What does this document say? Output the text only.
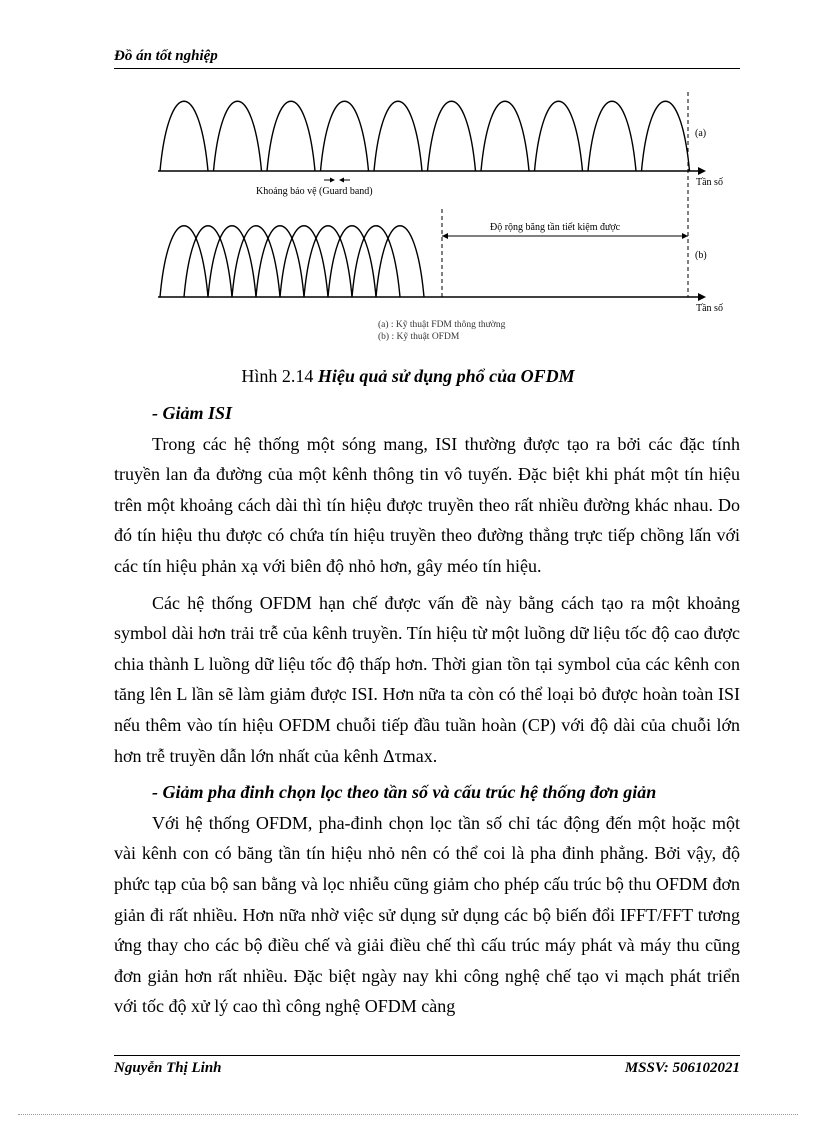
Đồ án tốt nghiệp
(a)
(b)
Tần số
Tần số
Khoảng bảo vệ (Guard band)
Độ rộng băng tần tiết kiệm được
(a) : Kỹ thuật FDM thông thường
(b) : Kỹ thuật OFDM
Hình 2.14 Hiệu quả sử dụng phổ của OFDM
- Giảm ISI

Trong các hệ thống một sóng mang, ISI thường được tạo ra bởi các đặc tính truyền lan đa đường của một kênh thông tin vô tuyến. Đặc biệt khi phát một tín hiệu trên một khoảng cách dài thì tín hiệu được truyền theo rất nhiều đường khác nhau. Do đó tín hiệu thu được có chứa tín hiệu truyền theo đường thẳng trực tiếp chồng lấn với các tín hiệu phản xạ với biên độ nhỏ hơn, gây méo tín hiệu.

Các hệ thống OFDM hạn chế được vấn đề này bằng cách tạo ra một khoảng symbol dài hơn trải trễ của kênh truyền. Tín hiệu từ một luồng dữ liệu tốc độ cao được chia thành L luồng dữ liệu tốc độ thấp hơn. Thời gian tồn tại symbol của các kênh con tăng lên L lần sẽ làm giảm được ISI. Hơn nữa ta còn có thể loại bỏ được hoàn toàn ISI nếu thêm vào tín hiệu OFDM chuỗi tiếp đầu tuần hoàn (CP) với độ dài của chuỗi lớn hơn trễ truyền dẫn lớn nhất của kênh Δτmax.

- Giảm pha đinh chọn lọc theo tần số và cấu trúc hệ thống đơn giản

Với hệ thống OFDM, pha-đinh chọn lọc tần số chỉ tác động đến một hoặc một vài kênh con có băng tần tín hiệu nhỏ nên có thể coi là pha đinh phẳng. Bởi vậy, độ phức tạp của bộ san bằng và lọc nhiễu cũng giảm cho phép cấu trúc bộ thu OFDM đơn giản đi rất nhiều. Hơn nữa nhờ việc sử dụng sử dụng các bộ biến đổi IFFT/FFT tương ứng thay cho các bộ điều chế và giải điều chế thì cấu trúc máy phát và máy thu cũng đơn giản hơn rất nhiều. Đặc biệt ngày nay khi công nghệ chế tạo vi mạch phát triển với tốc độ xử lý cao thì công nghệ OFDM càng

Nguyễn Thị Linh	MSSV: 506102021
